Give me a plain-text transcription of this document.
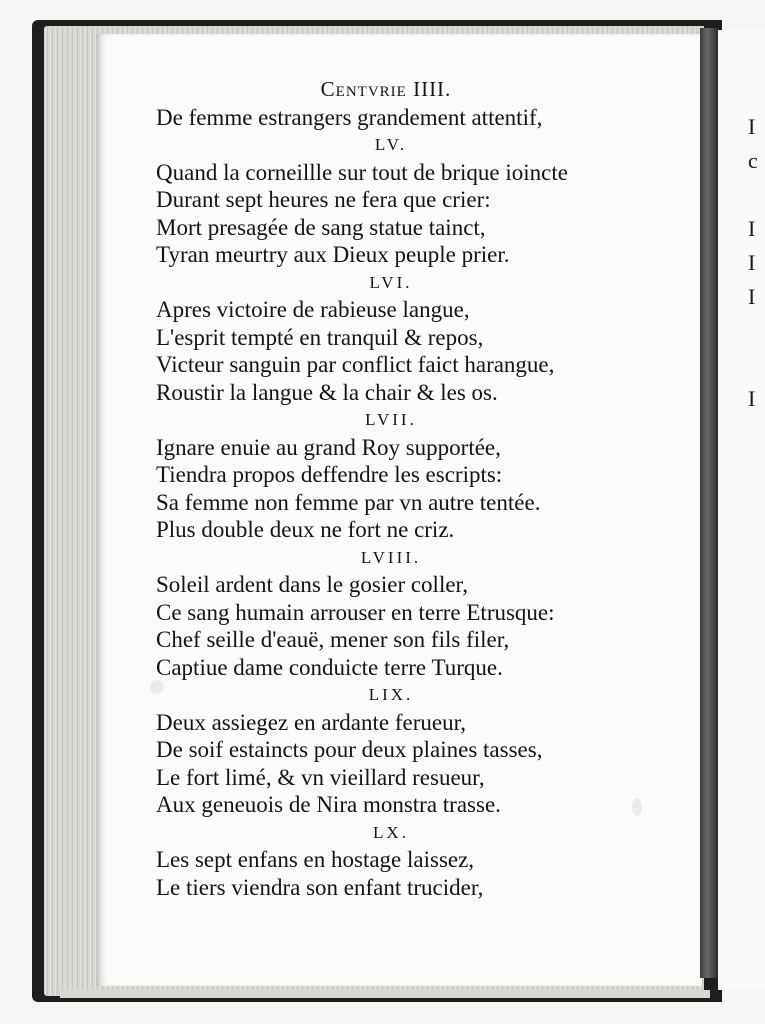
I
c
I
I
I
I
Centvrie IIII.
De femme estrangers grandement attentif,
LV.
Quand la corneillle sur tout de brique ioincte
Durant sept heures ne fera que crier:
Mort presagée de sang statue tainct,
Tyran meurtry aux Dieux peuple prier.
LVI.
Apres victoire de rabieuse langue,
L'esprit tempté en tranquil & repos,
Victeur sanguin par conflict faict harangue,
Roustir la langue & la chair & les os.
LVII.
Ignare enuie au grand Roy supportée,
Tiendra propos deffendre les escripts:
Sa femme non femme par vn autre tentée.
Plus double deux ne fort ne criz.
LVIII.
Soleil ardent dans le gosier coller,
Ce sang humain arrouser en terre Etrusque:
Chef seille d'eauë, mener son fils filer,
Captiue dame conduicte terre Turque.
LIX.
Deux assiegez en ardante ferueur,
De soif estaincts pour deux plaines tasses,
Le fort limé, & vn vieillard resueur,
Aux geneuois de Nira monstra trasse.
LX.
Les sept enfans en hostage laissez,
Le tiers viendra son enfant trucider,
